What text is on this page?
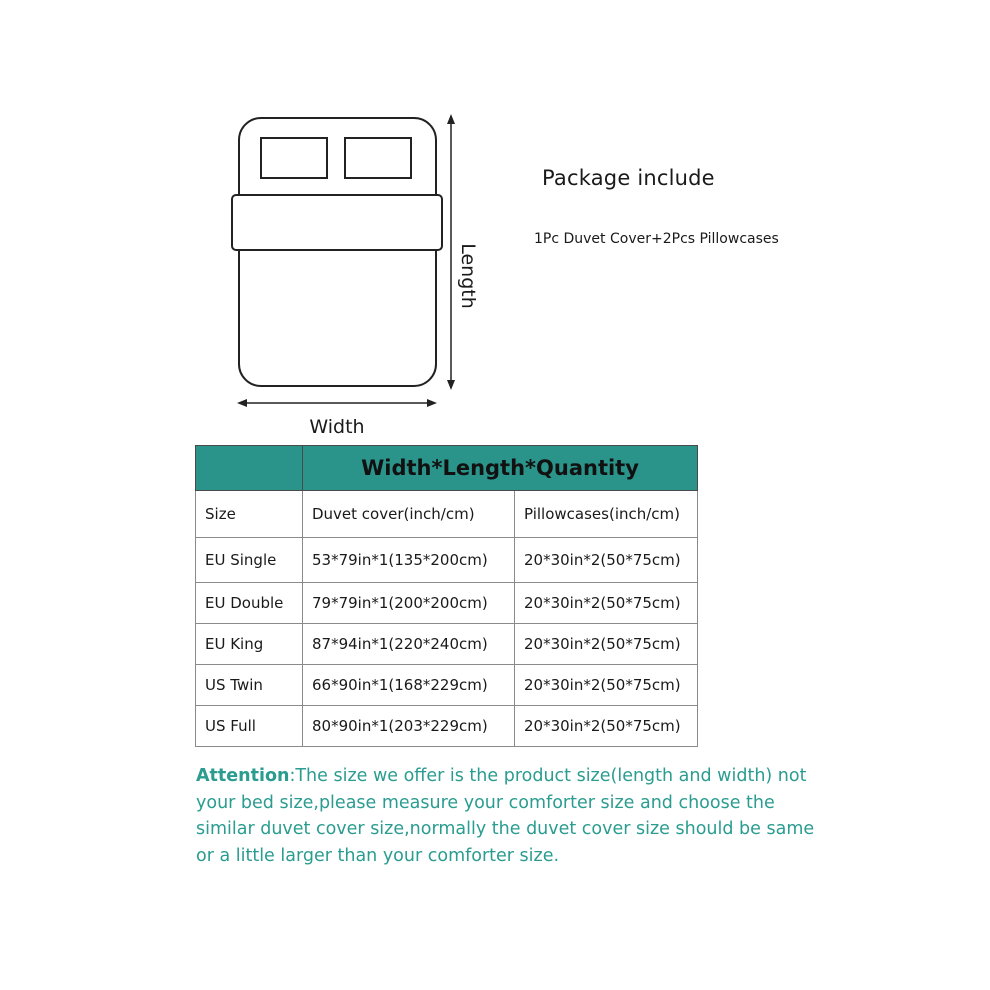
Length
Width
Package include
1Pc Duvet Cover+2Pcs Pillowcases
	Width*Length*Quantity	
Size	Duvet cover(inch/cm)	Pillowcases(inch/cm)
EU Single	53*79in*1(135*200cm)	20*30in*2(50*75cm)
EU Double	79*79in*1(200*200cm)	20*30in*2(50*75cm)
EU King	87*94in*1(220*240cm)	20*30in*2(50*75cm)
US Twin	66*90in*1(168*229cm)	20*30in*2(50*75cm)
US Full	80*90in*1(203*229cm)	20*30in*2(50*75cm)
Attention:The size we offer is the product size(length and width) not your bed size,please measure your comforter size and choose the similar duvet cover size,normally the duvet cover size should be same or a little larger than your comforter size.
